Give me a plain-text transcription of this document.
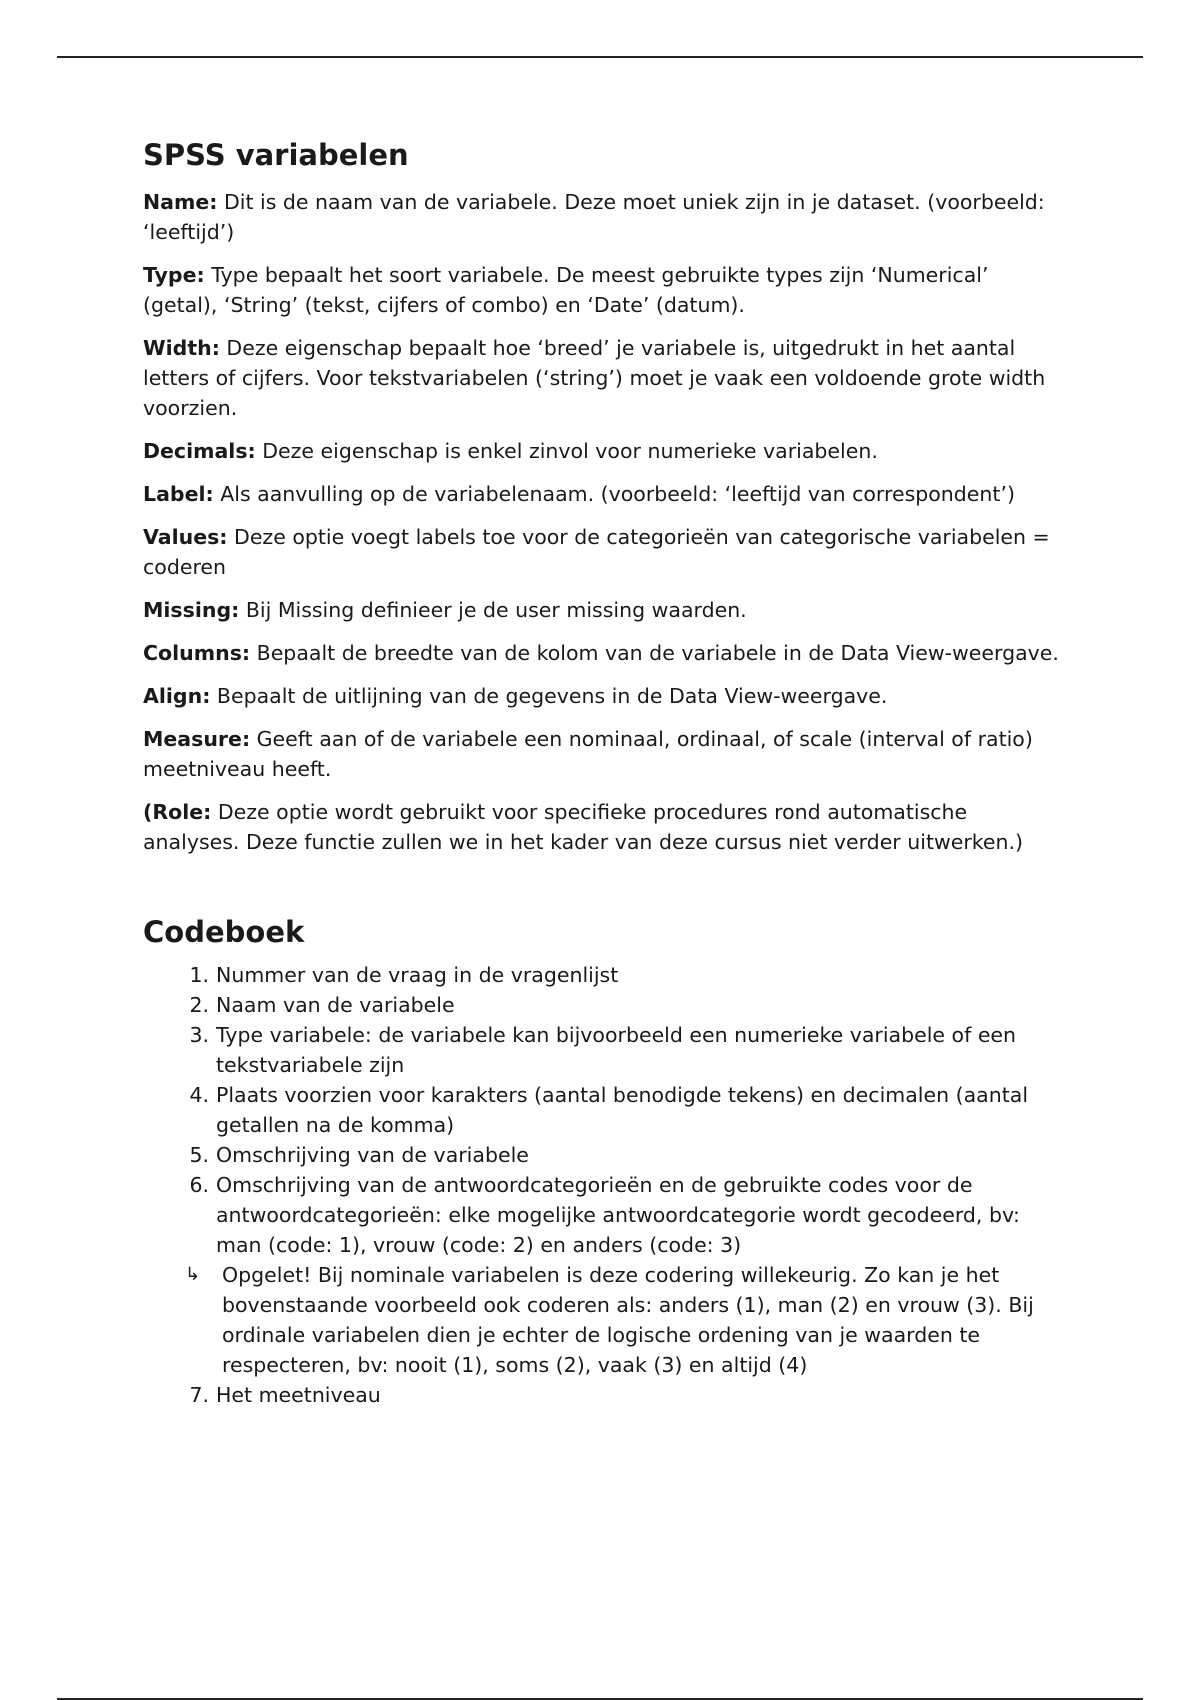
SPSS variabelen

Name: Dit is de naam van de variabele. Deze moet uniek zijn in je dataset. (voorbeeld: ‘leeftijd’)

Type: Type bepaalt het soort variabele. De meest gebruikte types zijn ‘Numerical’ (getal), ‘String’ (tekst, cijfers of combo) en ‘Date’ (datum).

Width: Deze eigenschap bepaalt hoe ‘breed’ je variabele is, uitgedrukt in het aantal letters of cijfers. Voor tekstvariabelen (‘string’) moet je vaak een voldoende grote width voorzien.

Decimals: Deze eigenschap is enkel zinvol voor numerieke variabelen.

Label: Als aanvulling op de variabelenaam. (voorbeeld: ‘leeftijd van correspondent’)

Values: Deze optie voegt labels toe voor de categorieën van categorische variabelen = coderen

Missing: Bij Missing definieer je de user missing waarden.

Columns: Bepaalt de breedte van de kolom van de variabele in de Data View-weergave.

Align: Bepaalt de uitlijning van de gegevens in de Data View-weergave.

Measure: Geeft aan of de variabele een nominaal, ordinaal, of scale (interval of ratio) meetniveau heeft.

(Role: Deze optie wordt gebruikt voor specifieke procedures rond automatische analyses. Deze functie zullen we in het kader van deze cursus niet verder uitwerken.)

Codeboek
1. Nummer van de vraag in de vragenlijst
2. Naam van de variabele
3. Type variabele: de variabele kan bijvoorbeeld een numerieke variabele of een tekstvariabele zijn
4. Plaats voorzien voor karakters (aantal benodigde tekens) en decimalen (aantal getallen na de komma)
5. Omschrijving van de variabele
6. Omschrijving van de antwoordcategorieën en de gebruikte codes voor de antwoordcategorieën: elke mogelijke antwoordcategorie wordt gecodeerd, bv: man (code: 1), vrouw (code: 2) en anders (code: 3)
↳ Opgelet! Bij nominale variabelen is deze codering willekeurig. Zo kan je het bovenstaande voorbeeld ook coderen als: anders (1), man (2) en vrouw (3). Bij ordinale variabelen dien je echter de logische ordening van je waarden te respecteren, bv: nooit (1), soms (2), vaak (3) en altijd (4)
7. Het meetniveau
